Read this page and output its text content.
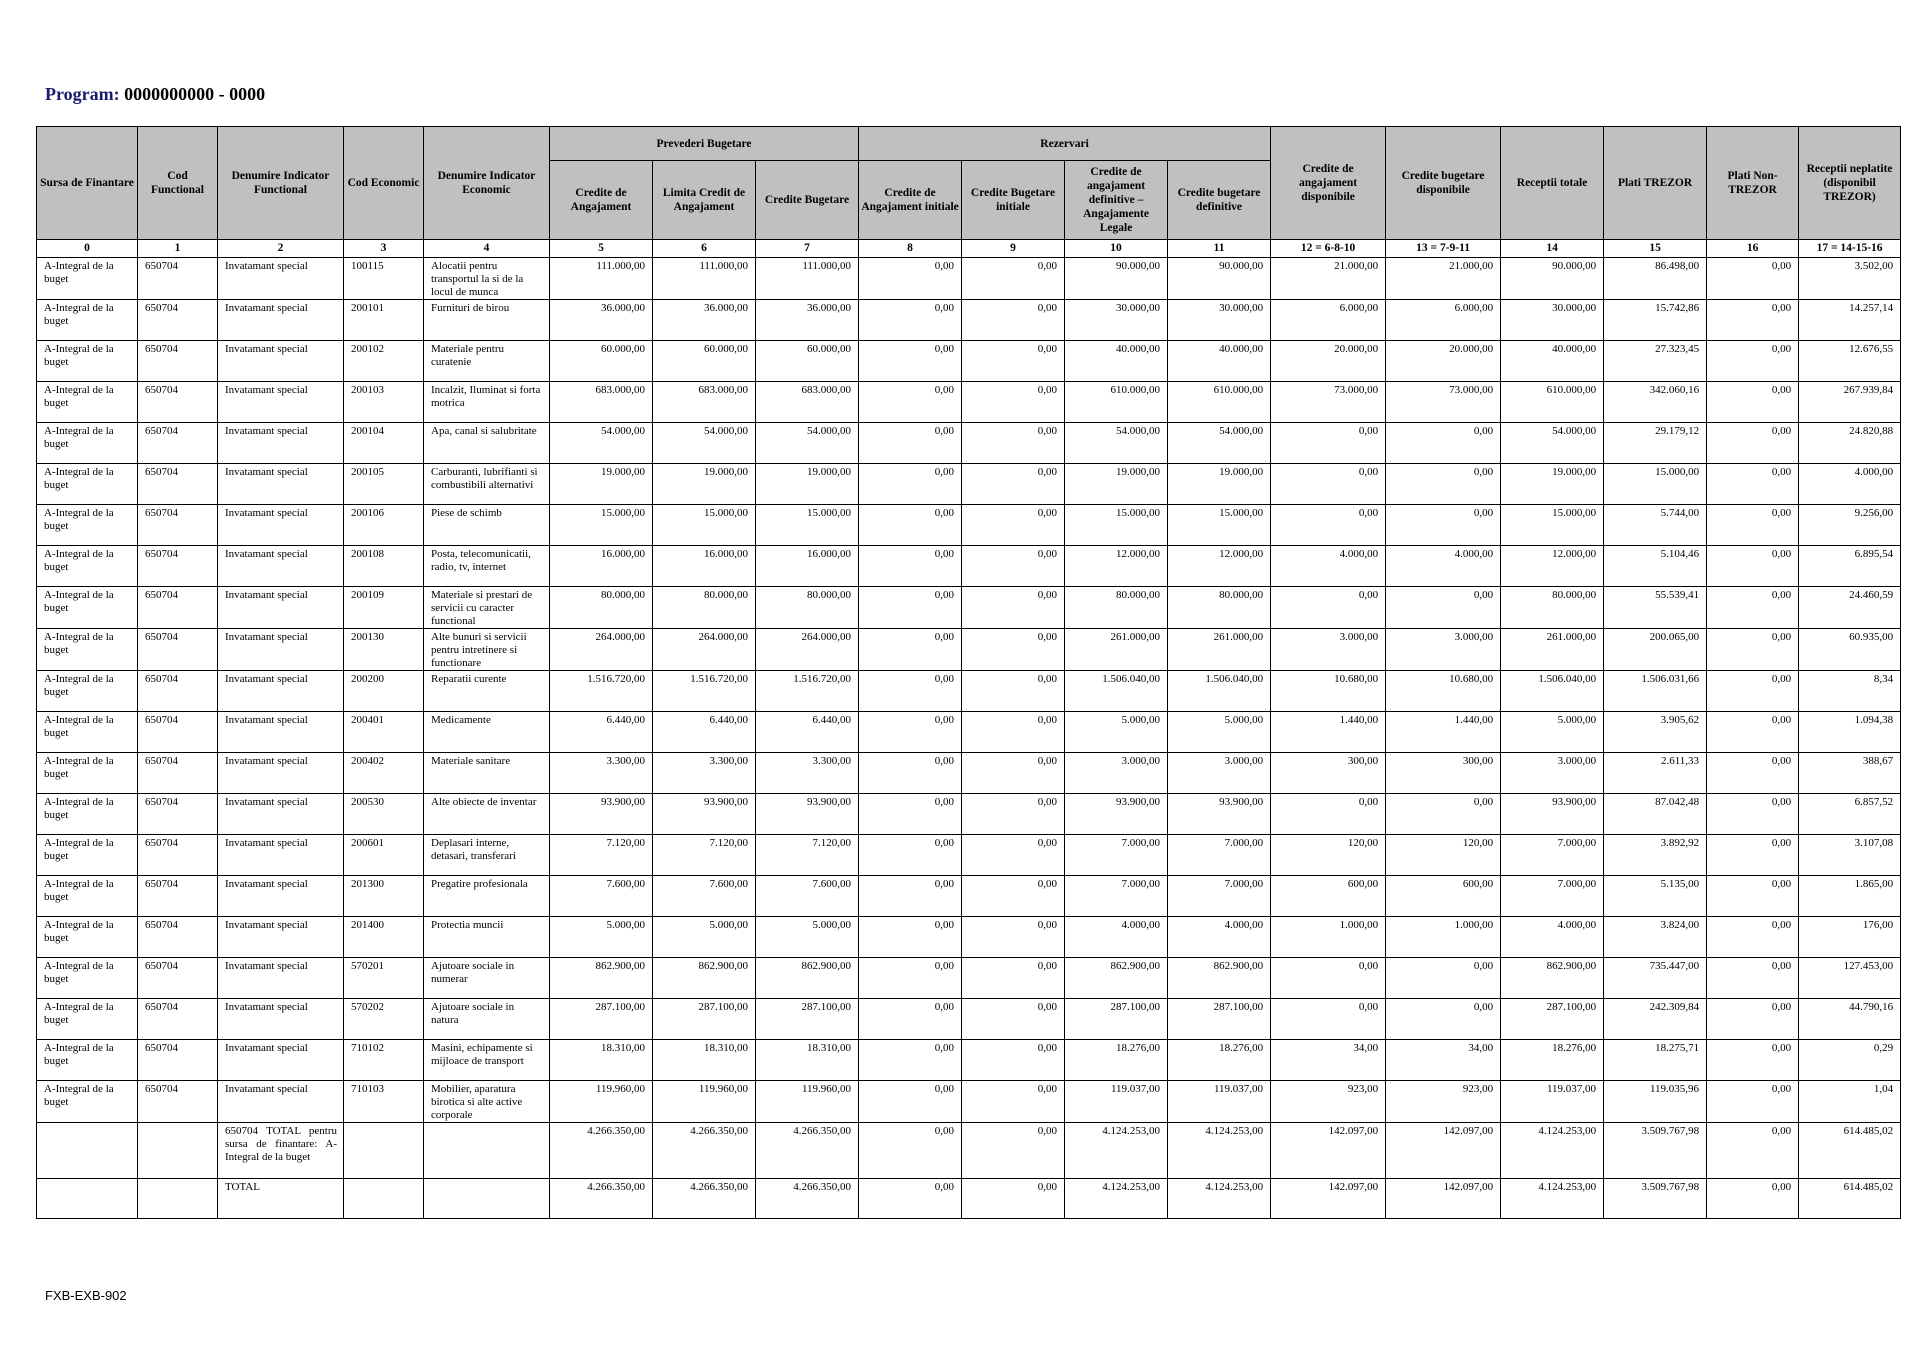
Program: 0000000000 - 0000
Sursa de Finantare	Cod Functional	Denumire Indicator Functional	Cod Economic	Denumire Indicator Economic	Prevederi Bugetare			Rezervari				Credite de angajament disponibile	Credite bugetare disponibile	Receptii totale	Plati TREZOR	Plati Non-TREZOR	Receptii neplatite (disponibil TREZOR)
					Credite de Angajament	Limita Credit de Angajament	Credite Bugetare	Credite de Angajament initiale	Credite Bugetare initiale	Credite de angajament definitive – Angajamente Legale	Credite bugetare definitive						
0	1	2	3	4	5	6	7	8	9	10	11	12 = 6-8-10	13 = 7-9-11	14	15	16	17 = 14-15-16
A-Integral de la buget	650704	Invatamant special	100115	Alocatii pentru transportul la si de la locul de munca	111.000,00	111.000,00	111.000,00	0,00	0,00	90.000,00	90.000,00	21.000,00	21.000,00	90.000,00	86.498,00	0,00	3.502,00
A-Integral de la buget	650704	Invatamant special	200101	Furnituri de birou	36.000,00	36.000,00	36.000,00	0,00	0,00	30.000,00	30.000,00	6.000,00	6.000,00	30.000,00	15.742,86	0,00	14.257,14
A-Integral de la buget	650704	Invatamant special	200102	Materiale pentru curatenie	60.000,00	60.000,00	60.000,00	0,00	0,00	40.000,00	40.000,00	20.000,00	20.000,00	40.000,00	27.323,45	0,00	12.676,55
A-Integral de la buget	650704	Invatamant special	200103	Incalzit, Iluminat si forta motrica	683.000,00	683.000,00	683.000,00	0,00	0,00	610.000,00	610.000,00	73.000,00	73.000,00	610.000,00	342.060,16	0,00	267.939,84
A-Integral de la buget	650704	Invatamant special	200104	Apa, canal si salubritate	54.000,00	54.000,00	54.000,00	0,00	0,00	54.000,00	54.000,00	0,00	0,00	54.000,00	29.179,12	0,00	24.820,88
A-Integral de la buget	650704	Invatamant special	200105	Carburanti, lubrifianti si combustibili alternativi	19.000,00	19.000,00	19.000,00	0,00	0,00	19.000,00	19.000,00	0,00	0,00	19.000,00	15.000,00	0,00	4.000,00
A-Integral de la buget	650704	Invatamant special	200106	Piese de schimb	15.000,00	15.000,00	15.000,00	0,00	0,00	15.000,00	15.000,00	0,00	0,00	15.000,00	5.744,00	0,00	9.256,00
A-Integral de la buget	650704	Invatamant special	200108	Posta, telecomunicatii, radio, tv, internet	16.000,00	16.000,00	16.000,00	0,00	0,00	12.000,00	12.000,00	4.000,00	4.000,00	12.000,00	5.104,46	0,00	6.895,54
A-Integral de la buget	650704	Invatamant special	200109	Materiale si prestari de servicii cu caracter functional	80.000,00	80.000,00	80.000,00	0,00	0,00	80.000,00	80.000,00	0,00	0,00	80.000,00	55.539,41	0,00	24.460,59
A-Integral de la buget	650704	Invatamant special	200130	Alte bunuri si servicii pentru intretinere si functionare	264.000,00	264.000,00	264.000,00	0,00	0,00	261.000,00	261.000,00	3.000,00	3.000,00	261.000,00	200.065,00	0,00	60.935,00
A-Integral de la buget	650704	Invatamant special	200200	Reparatii curente	1.516.720,00	1.516.720,00	1.516.720,00	0,00	0,00	1.506.040,00	1.506.040,00	10.680,00	10.680,00	1.506.040,00	1.506.031,66	0,00	8,34
A-Integral de la buget	650704	Invatamant special	200401	Medicamente	6.440,00	6.440,00	6.440,00	0,00	0,00	5.000,00	5.000,00	1.440,00	1.440,00	5.000,00	3.905,62	0,00	1.094,38
A-Integral de la buget	650704	Invatamant special	200402	Materiale sanitare	3.300,00	3.300,00	3.300,00	0,00	0,00	3.000,00	3.000,00	300,00	300,00	3.000,00	2.611,33	0,00	388,67
A-Integral de la buget	650704	Invatamant special	200530	Alte obiecte de inventar	93.900,00	93.900,00	93.900,00	0,00	0,00	93.900,00	93.900,00	0,00	0,00	93.900,00	87.042,48	0,00	6.857,52
A-Integral de la buget	650704	Invatamant special	200601	Deplasari interne, detasari, transferari	7.120,00	7.120,00	7.120,00	0,00	0,00	7.000,00	7.000,00	120,00	120,00	7.000,00	3.892,92	0,00	3.107,08
A-Integral de la buget	650704	Invatamant special	201300	Pregatire profesionala	7.600,00	7.600,00	7.600,00	0,00	0,00	7.000,00	7.000,00	600,00	600,00	7.000,00	5.135,00	0,00	1.865,00
A-Integral de la buget	650704	Invatamant special	201400	Protectia muncii	5.000,00	5.000,00	5.000,00	0,00	0,00	4.000,00	4.000,00	1.000,00	1.000,00	4.000,00	3.824,00	0,00	176,00
A-Integral de la buget	650704	Invatamant special	570201	Ajutoare sociale in numerar	862.900,00	862.900,00	862.900,00	0,00	0,00	862.900,00	862.900,00	0,00	0,00	862.900,00	735.447,00	0,00	127.453,00
A-Integral de la buget	650704	Invatamant special	570202	Ajutoare sociale in natura	287.100,00	287.100,00	287.100,00	0,00	0,00	287.100,00	287.100,00	0,00	0,00	287.100,00	242.309,84	0,00	44.790,16
A-Integral de la buget	650704	Invatamant special	710102	Masini, echipamente si mijloace de transport	18.310,00	18.310,00	18.310,00	0,00	0,00	18.276,00	18.276,00	34,00	34,00	18.276,00	18.275,71	0,00	0,29
A-Integral de la buget	650704	Invatamant special	710103	Mobilier, aparatura birotica si alte active corporale	119.960,00	119.960,00	119.960,00	0,00	0,00	119.037,00	119.037,00	923,00	923,00	119.037,00	119.035,96	0,00	1,04
		650704 TOTAL pentru sursa de finantare: A-Integral de la buget			4.266.350,00	4.266.350,00	4.266.350,00	0,00	0,00	4.124.253,00	4.124.253,00	142.097,00	142.097,00	4.124.253,00	3.509.767,98	0,00	614.485,02
		TOTAL			4.266.350,00	4.266.350,00	4.266.350,00	0,00	0,00	4.124.253,00	4.124.253,00	142.097,00	142.097,00	4.124.253,00	3.509.767,98	0,00	614.485,02
FXB-EXB-902
